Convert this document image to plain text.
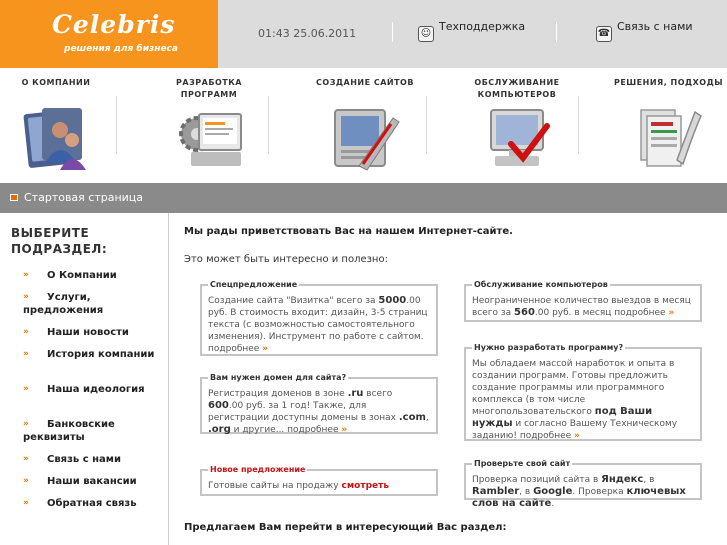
Celebris
решения для бизнеса
01:43 25.06.2011	☺
Техподдержка
☎
Связь с нами
О КОМПАНИИ	РАЗРАБОТКА ПРОГРАММ
СОЗДАНИЕ САЙТОВ	ОБСЛУЖИВАНИЕ КОМПЬЮТЕРОВ
РЕШЕНИЯ, ПОДХОДЫ
Стартовая страница
ВЫБЕРИТЕ ПОДРАЗДЕЛ:
»	О Компании
»	Услуги, предложения
»	Наши новости
»	История компании
»	Наша идеология
»	Банковские реквизиты
»	Связь с нами
»	Наши вакансии
»	Обратная связь
Мы рады приветствовать Вас на нашем Интернет-сайте.
Это может быть интересно и полезно:
Спецпредложение
Создание сайта "Визитка" всего за 5000.00 руб. В стоимость входит: дизайн, 3-5 страниц текста (с возможностью самостоятельного изменения). Инструмент по работе с сайтом. подробнее »
Обслуживание компьютеров
Неограниченное количество выездов в месяц всего за 560.00 руб. в месяц подробнее »
Вам нужен домен для сайта?
Регистрация доменов в зоне .ru всего 600.00 руб. за 1 год! Также, для регистрации доступны домены в зонах .com, .org и другие... подробнее »
Нужно разработать программу?
Мы обладаем массой наработок и опыта в создании программ. Готовы предложить создание программы или программного комплекса (в том числе многопользовательского под Ваши нужды и согласно Вашему Техническому заданию! подробнее »
Новое предложение
Готовые сайты на продажу смотреть
Проверьте свой сайт
Проверка позиций сайта в Яндекс, в Rambler, в Google. Проверка ключевых слов на сайте.
Предлагаем Вам перейти в интересующий Вас раздел:
